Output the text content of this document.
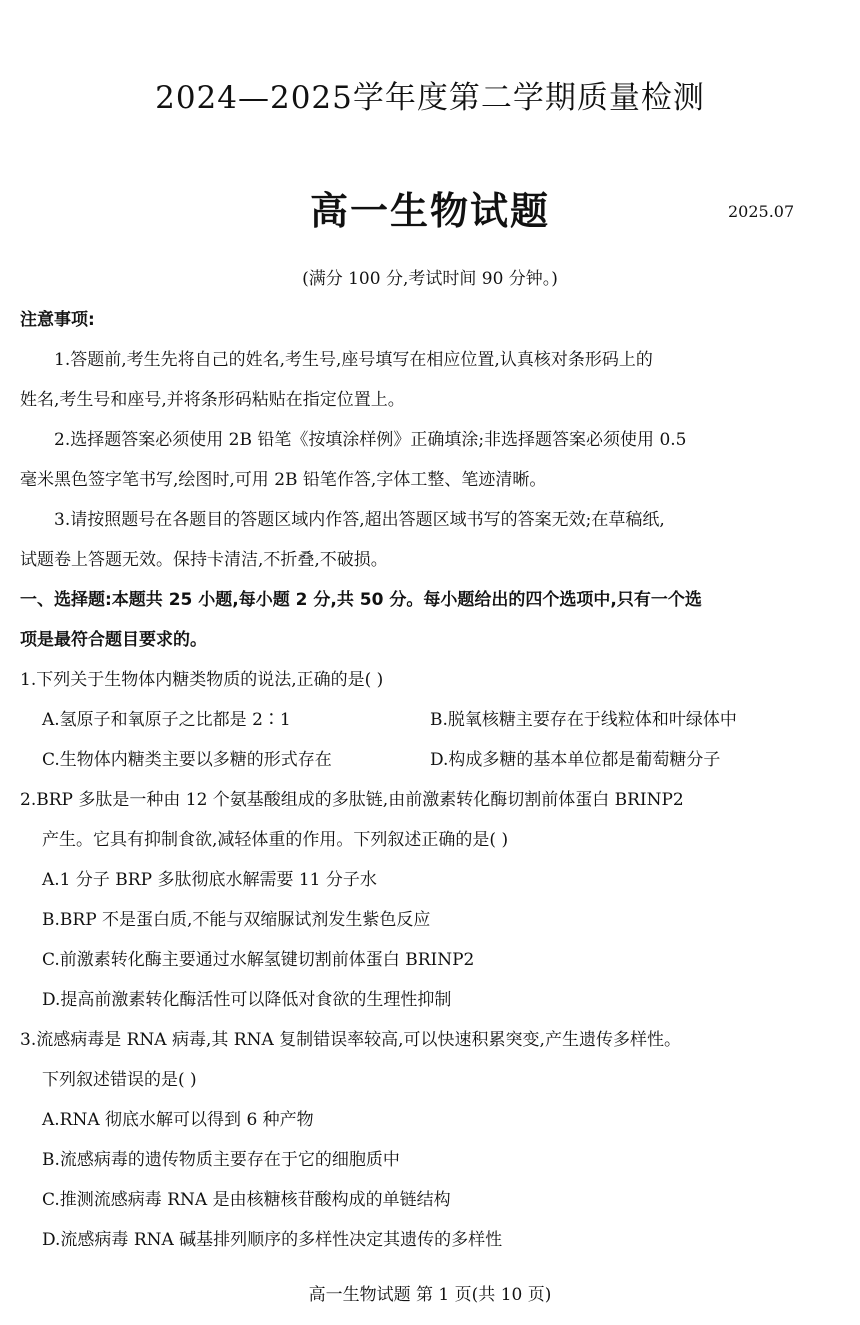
2024—2025学年度第二学期质量检测
高一生物试题	2025.07
(满分 100 分,考试时间 90 分钟。)

注意事项:

1.答题前,考生先将自己的姓名,考生号,座号填写在相应位置,认真核对条形码上的

姓名,考生号和座号,并将条形码粘贴在指定位置上。

2.选择题答案必须使用 2B 铅笔《按填涂样例》正确填涂;非选择题答案必须使用 0.5

毫米黑色签字笔书写,绘图时,可用 2B 铅笔作答,字体工整、笔迹清晰。

3.请按照题号在各题目的答题区域内作答,超出答题区域书写的答案无效;在草稿纸,

试题卷上答题无效。保持卡清洁,不折叠,不破损。

一、选择题:本题共 25 小题,每小题 2 分,共 50 分。每小题给出的四个选项中,只有一个选

项是最符合题目要求的。

1.下列关于生物体内糖类物质的说法,正确的是( )

A.氢原子和氧原子之比都是 2∶1	B.脱氧核糖主要存在于线粒体和叶绿体中
C.生物体内糖类主要以多糖的形式存在	D.构成多糖的基本单位都是葡萄糖分子

2.BRP 多肽是一种由 12 个氨基酸组成的多肽链,由前激素转化酶切割前体蛋白 BRINP2

产生。它具有抑制食欲,减轻体重的作用。下列叙述正确的是( )

A.1 分子 BRP 多肽彻底水解需要 11 分子水

B.BRP 不是蛋白质,不能与双缩脲试剂发生紫色反应

C.前激素转化酶主要通过水解氢键切割前体蛋白 BRINP2

D.提高前激素转化酶活性可以降低对食欲的生理性抑制

3.流感病毒是 RNA 病毒,其 RNA 复制错误率较高,可以快速积累突变,产生遗传多样性。

下列叙述错误的是( )

A.RNA 彻底水解可以得到 6 种产物

B.流感病毒的遗传物质主要存在于它的细胞质中

C.推测流感病毒 RNA 是由核糖核苷酸构成的单链结构

D.流感病毒 RNA 碱基排列顺序的多样性决定其遗传的多样性

高一生物试题 第 1 页(共 10 页)
